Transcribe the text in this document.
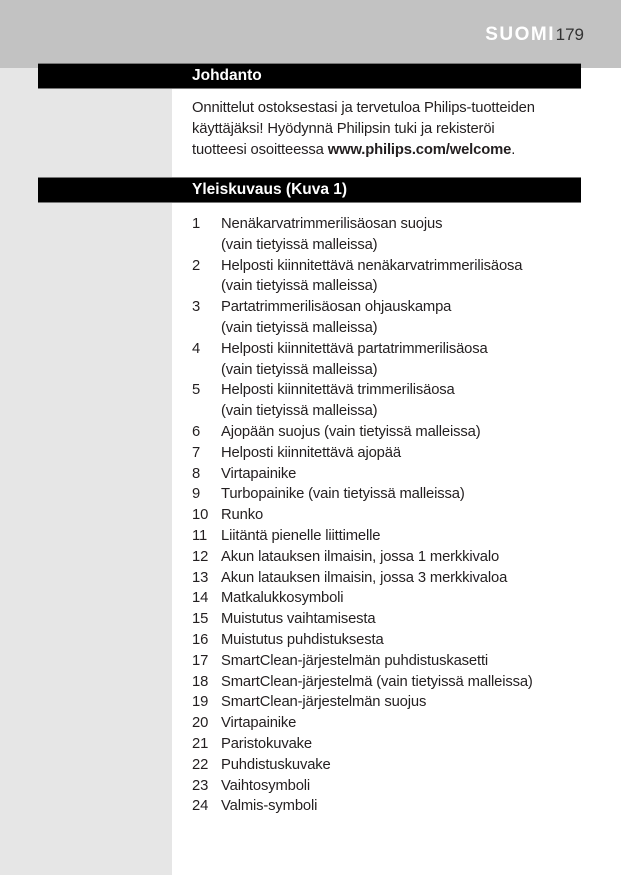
SUOMI 179
Johdanto
Onnittelut ostoksestasi ja tervetuloa Philips-tuotteiden
käyttäjäksi! Hyödynnä Philipsin tuki ja rekisteröi
tuotteesi osoitteessa www.philips.com/welcome.
Yleiskuvaus (Kuva 1)
1 Nenäkarvatrimmerilisäosan suojus
(vain tietyissä malleissa)
2 Helposti kiinnitettävä nenäkarvatrimmerilisäosa
(vain tietyissä malleissa)
3 Partatrimmerilisäosan ohjauskampa
(vain tietyissä malleissa)
4 Helposti kiinnitettävä partatrimmerilisäosa
(vain tietyissä malleissa)
5 Helposti kiinnitettävä trimmerilisäosa
(vain tietyissä malleissa)
6 Ajopään suojus (vain tietyissä malleissa)
7 Helposti kiinnitettävä ajopää
8 Virtapainike
9 Turbopainike (vain tietyissä malleissa)
10 Runko
11 Liitäntä pienelle liittimelle
12 Akun latauksen ilmaisin, jossa 1 merkkivalo
13 Akun latauksen ilmaisin, jossa 3 merkkivaloa
14 Matkalukkosymboli
15 Muistutus vaihtamisesta
16 Muistutus puhdistuksesta
17 SmartClean-järjestelmän puhdistuskasetti
18 SmartClean-järjestelmä (vain tietyissä malleissa)
19 SmartClean-järjestelmän suojus
20 Virtapainike
21 Paristokuvake
22 Puhdistuskuvake
23 Vaihtosymboli
24 Valmis-symboli
